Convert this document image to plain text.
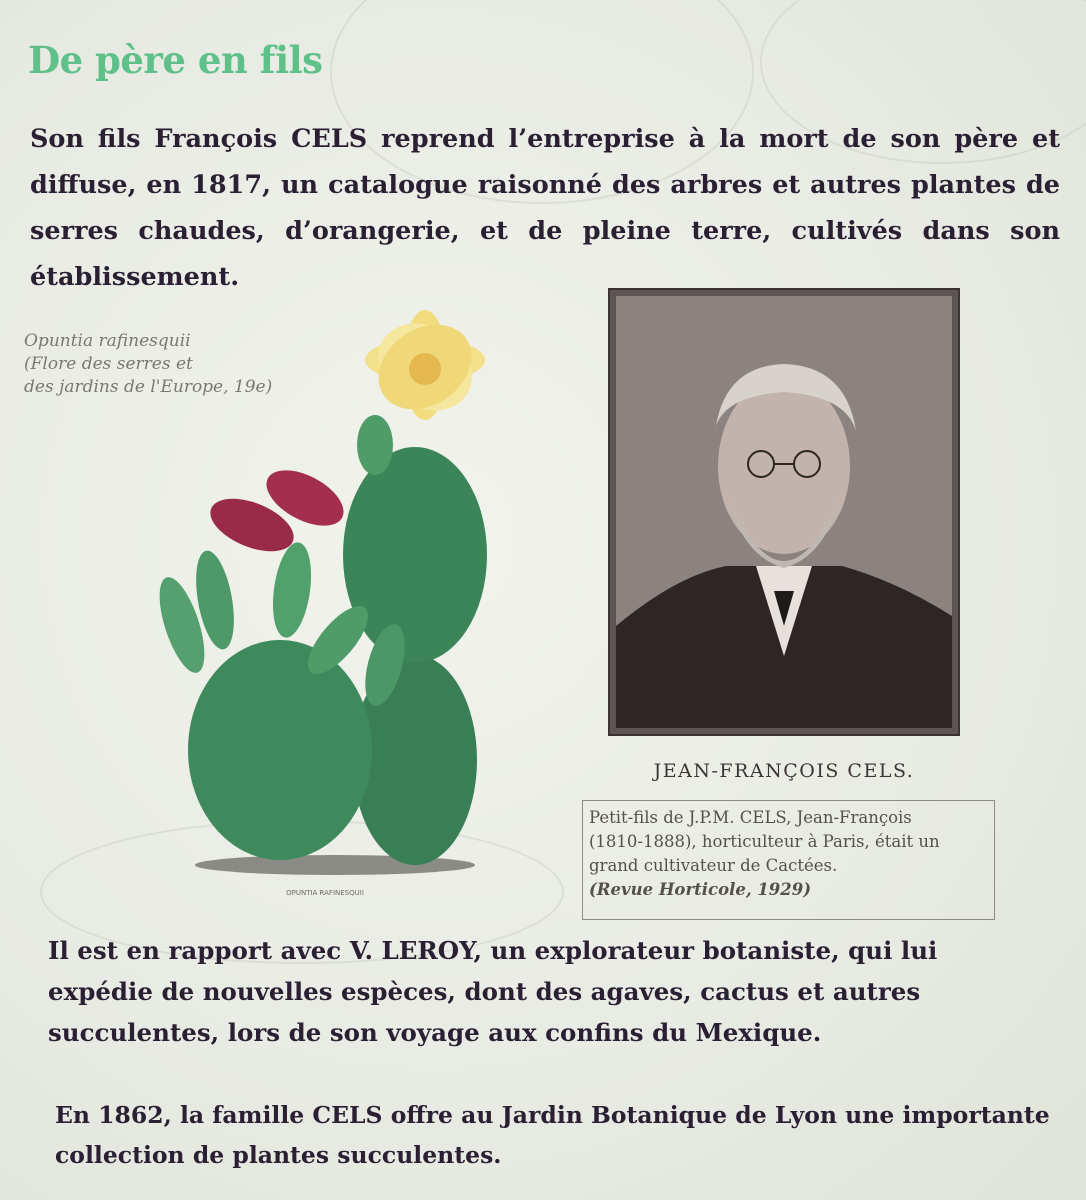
De père en fils

Son fils François CELS reprend l’entreprise à la mort de son père et diffuse, en 1817, un catalogue raisonné des arbres et autres plantes de serres chaudes, d’orangerie, et de pleine terre, cultivés dans son établissement.

Opuntia rafinesquii
(Flore des serres et
des jardins de l'Europe, 19e)

OPUNTIA RAFINESQUII

JEAN-FRANÇOIS CELS.

Petit-fils de J.P.M. CELS, Jean-François
(1810-1888), horticulteur à Paris, était un
grand cultivateur de Cactées.
(Revue Horticole, 1929)

Il est en rapport avec V. LEROY, un explorateur botaniste, qui lui expédie de nouvelles espèces, dont des agaves, cactus et autres succulentes, lors de son voyage aux confins du Mexique.

En 1862, la famille CELS offre au Jardin Botanique de Lyon une importante collection de plantes succulentes.
